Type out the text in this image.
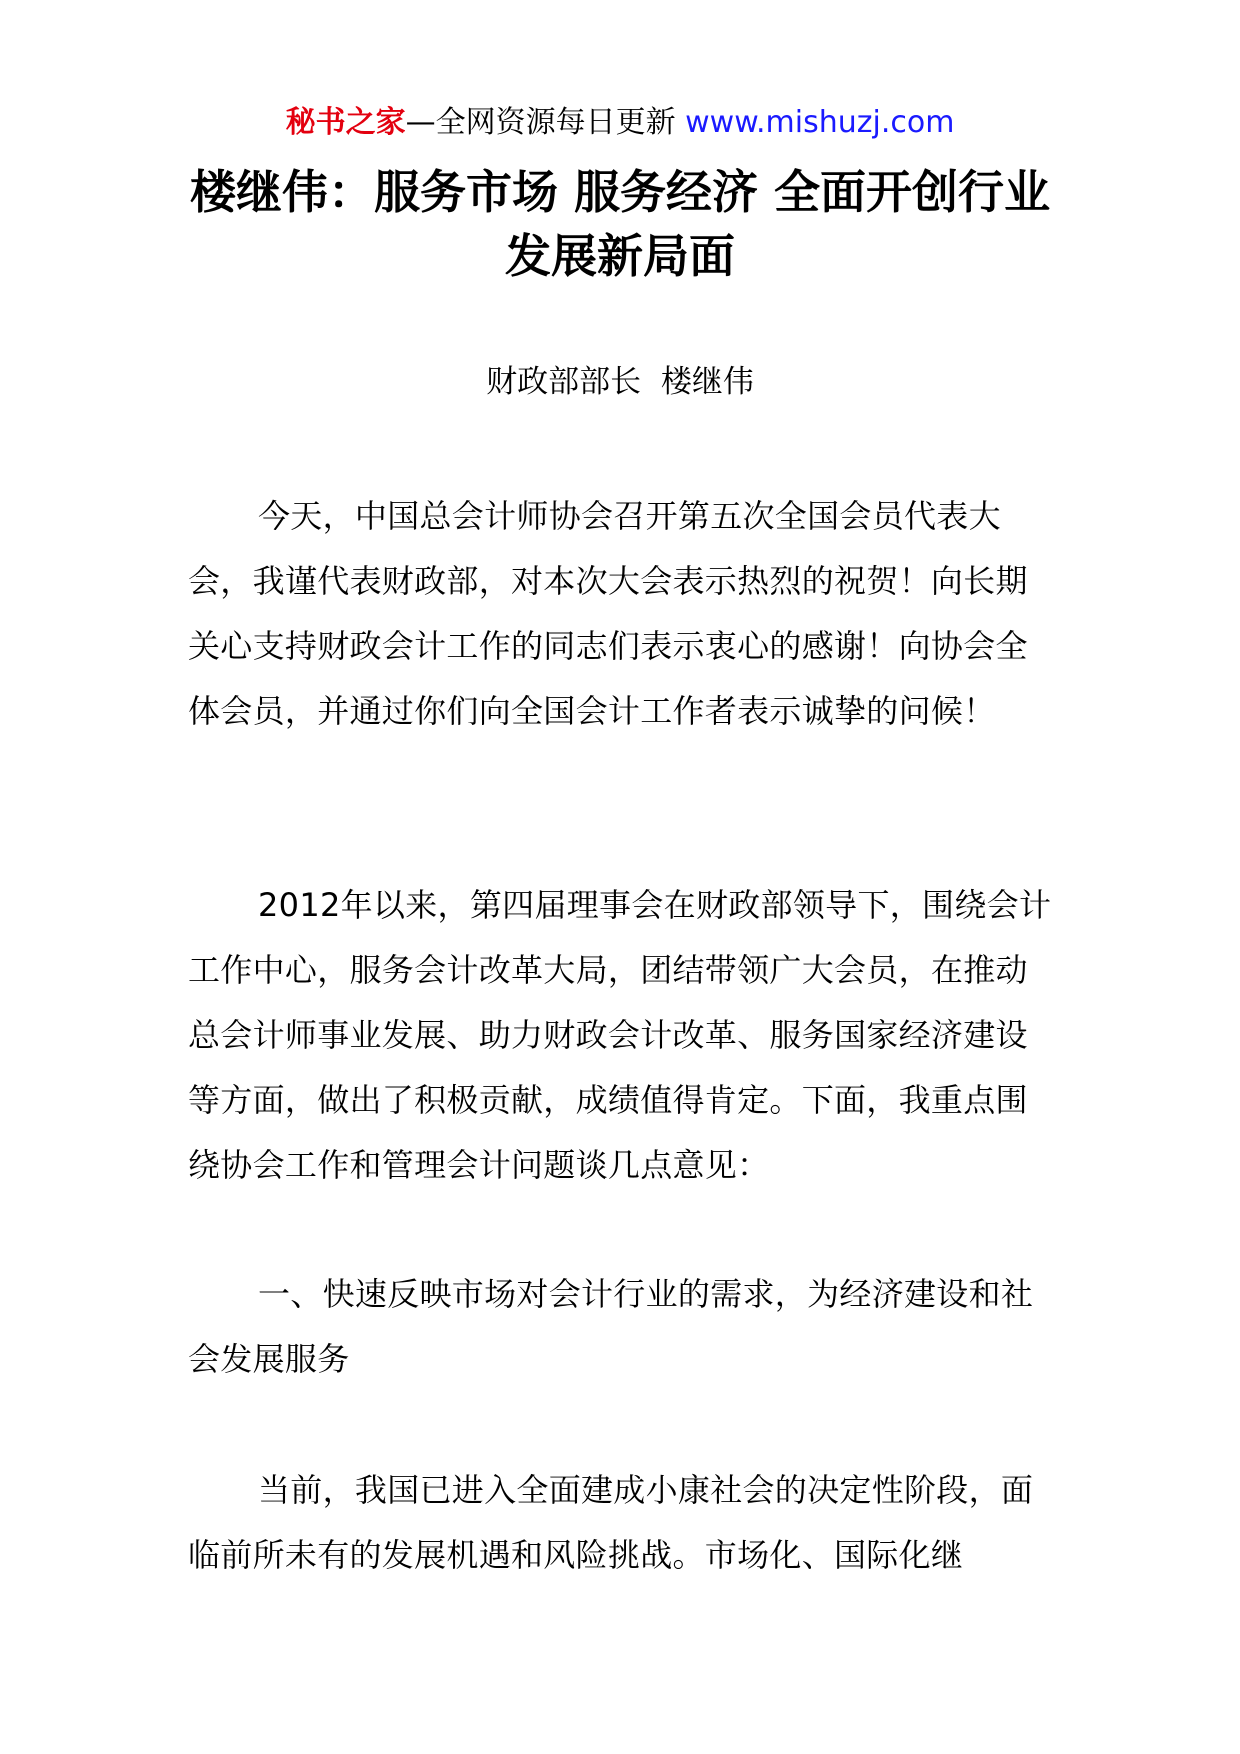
秘书之家—全网资源每日更新 www.mishuzj.com
楼继伟：服务市场 服务经济 全面开创行业发展新局面
财政部部长  楼继伟

今天，中国总会计师协会召开第五次全国会员代表大会，我谨代表财政部，对本次大会表示热烈的祝贺！向长期关心支持财政会计工作的同志们表示衷心的感谢！向协会全体会员，并通过你们向全国会计工作者表示诚挚的问候！

2012年以来，第四届理事会在财政部领导下，围绕会计工作中心，服务会计改革大局，团结带领广大会员，在推动总会计师事业发展、助力财政会计改革、服务国家经济建设等方面，做出了积极贡献，成绩值得肯定。下面，我重点围绕协会工作和管理会计问题谈几点意见：

一、快速反映市场对会计行业的需求，为经济建设和社会发展服务

当前，我国已进入全面建成小康社会的决定性阶段，面临前所未有的发展机遇和风险挑战。市场化、国际化继
